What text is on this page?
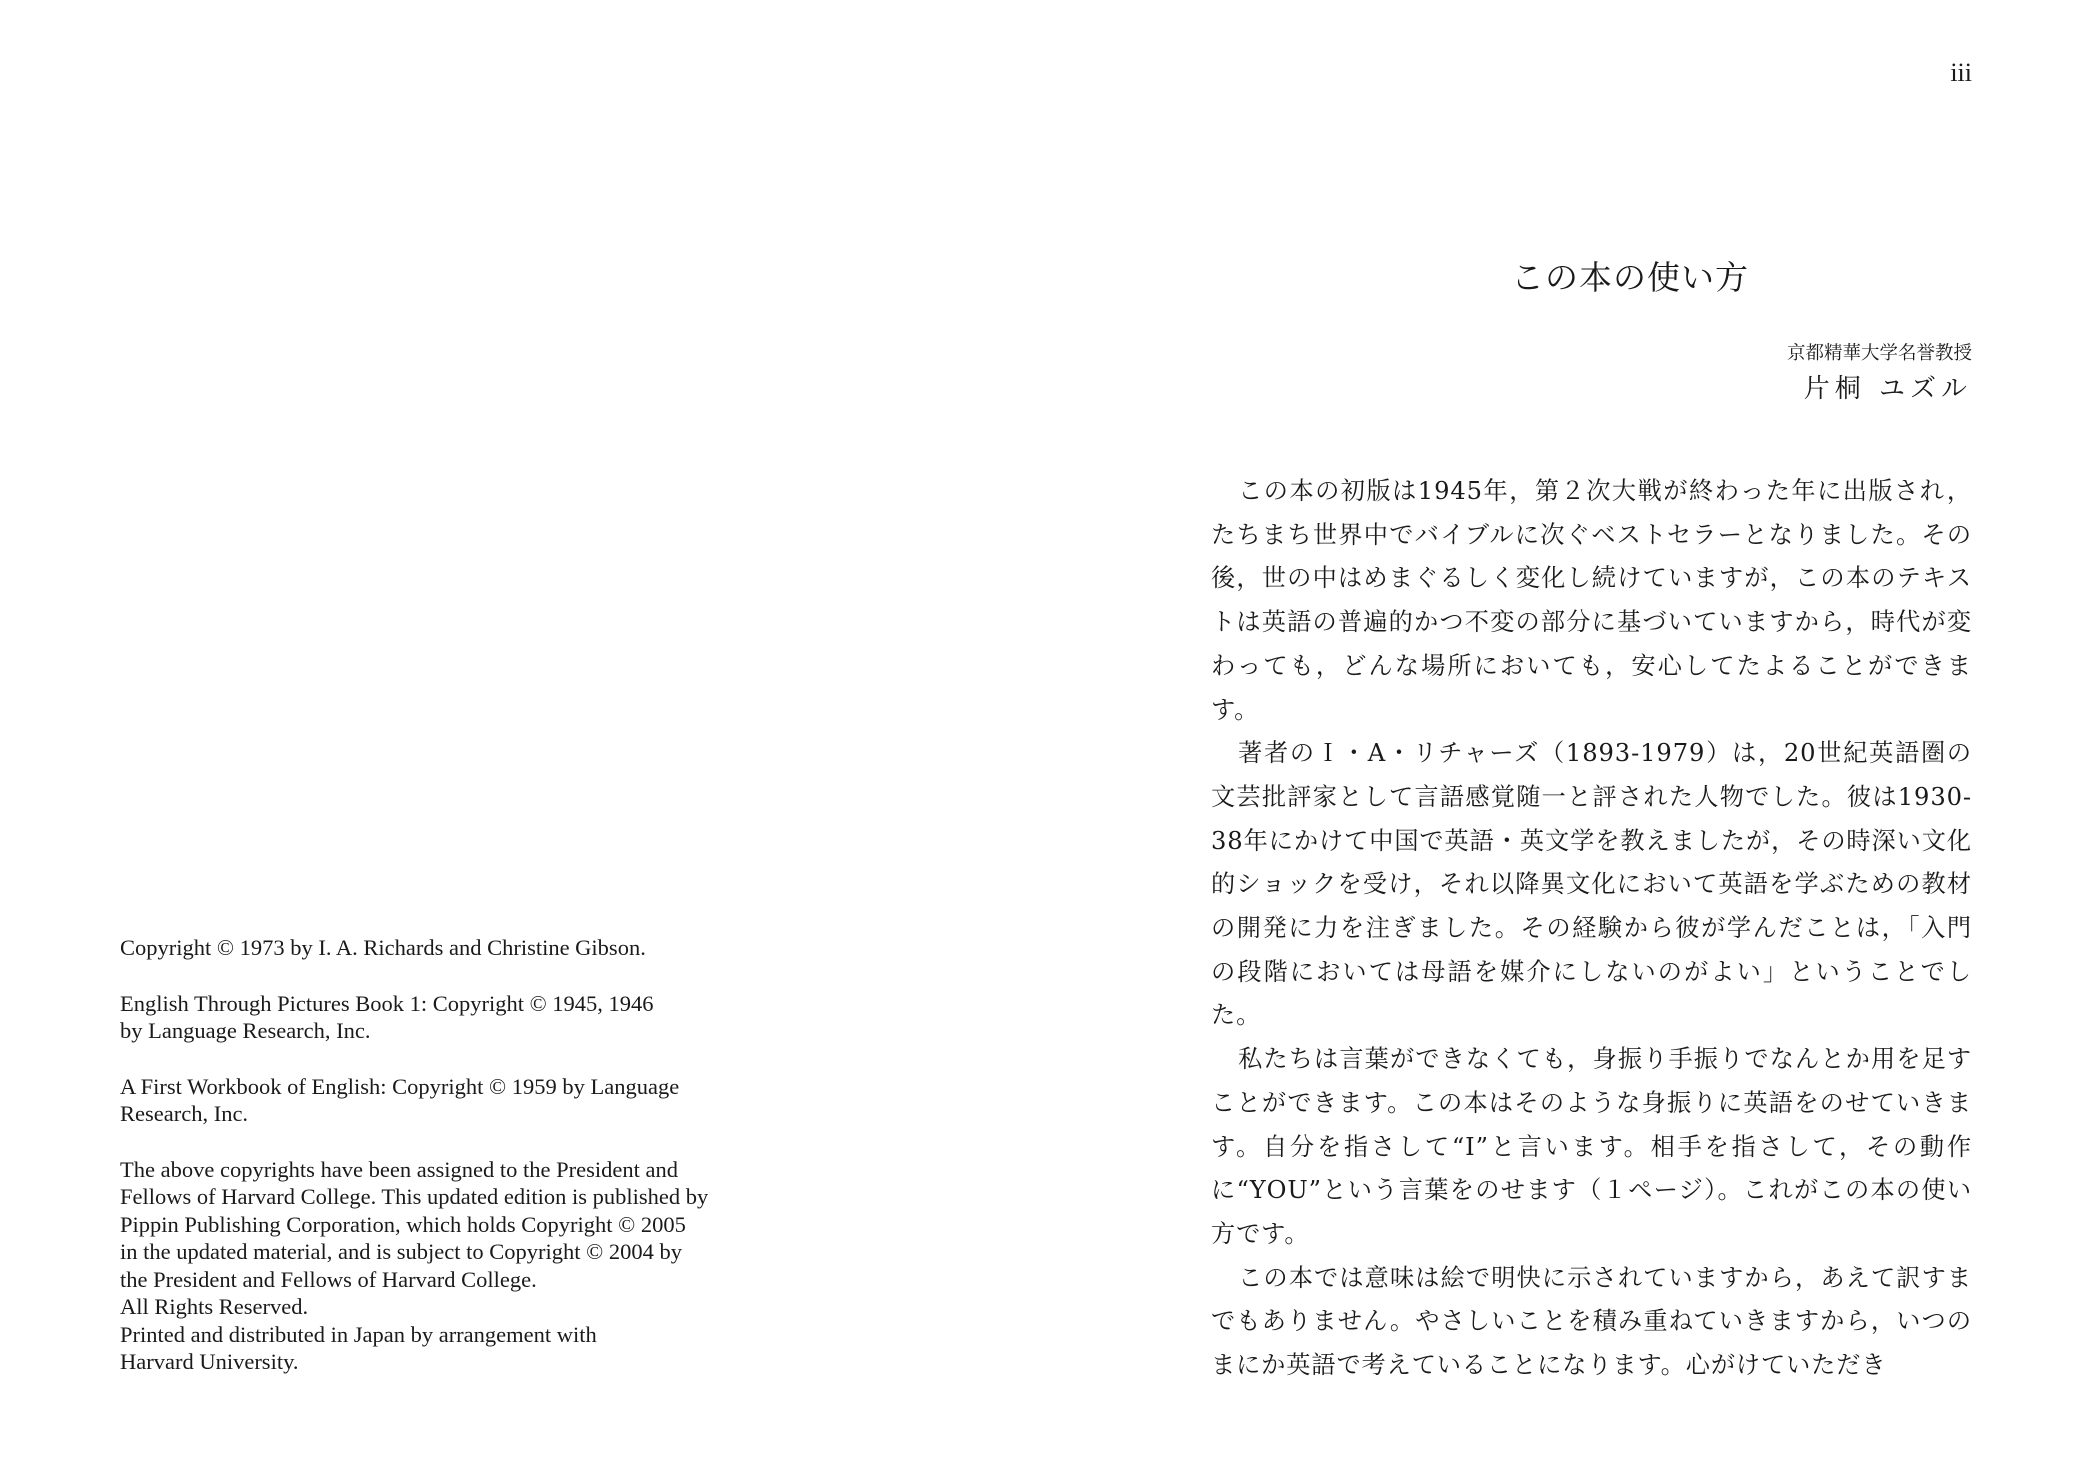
Copyright © 1973 by I. A. Richards and Christine Gibson.

English Through Pictures Book 1: Copyright © 1945, 1946
by Language Research, Inc.

A First Workbook of English: Copyright © 1959 by Language
Research, Inc.

The above copyrights have been assigned to the President and
Fellows of Harvard College. This updated edition is published by
Pippin Publishing Corporation, which holds Copyright © 2005
in the updated material, and is subject to Copyright © 2004 by
the President and Fellows of Harvard College.
All Rights Reserved.
Printed and distributed in Japan by arrangement with
Harvard University.

iii
この本の使い方
京都精華大学名誉教授
片桐 ユズル

この本の初版は1945年，第２次大戦が終わった年に出版され，たちまち世界中でバイブルに次ぐベストセラーとなりました。その後，世の中はめまぐるしく変化し続けていますが，この本のテキストは英語の普遍的かつ不変の部分に基づいていますから，時代が変わっても，どんな場所においても，安心してたよることができます。

著者のＩ・A・リチャーズ（1893-1979）は，20世紀英語圏の文芸批評家として言語感覚随一と評された人物でした。彼は1930-38年にかけて中国で英語・英文学を教えましたが，その時深い文化的ショックを受け，それ以降異文化において英語を学ぶための教材の開発に力を注ぎました。その経験から彼が学んだことは，「入門の段階においては母語を媒介にしないのがよい」ということでした。

私たちは言葉ができなくても，身振り手振りでなんとか用を足すことができます。この本はそのような身振りに英語をのせていきます。自分を指さして“I”と言います。相手を指さして，その動作に“YOU”という言葉をのせます（１ページ）。これがこの本の使い方です。

この本では意味は絵で明快に示されていますから，あえて訳すまでもありません。やさしいことを積み重ねていきますから，いつのまにか英語で考えていることになります。心がけていただき
